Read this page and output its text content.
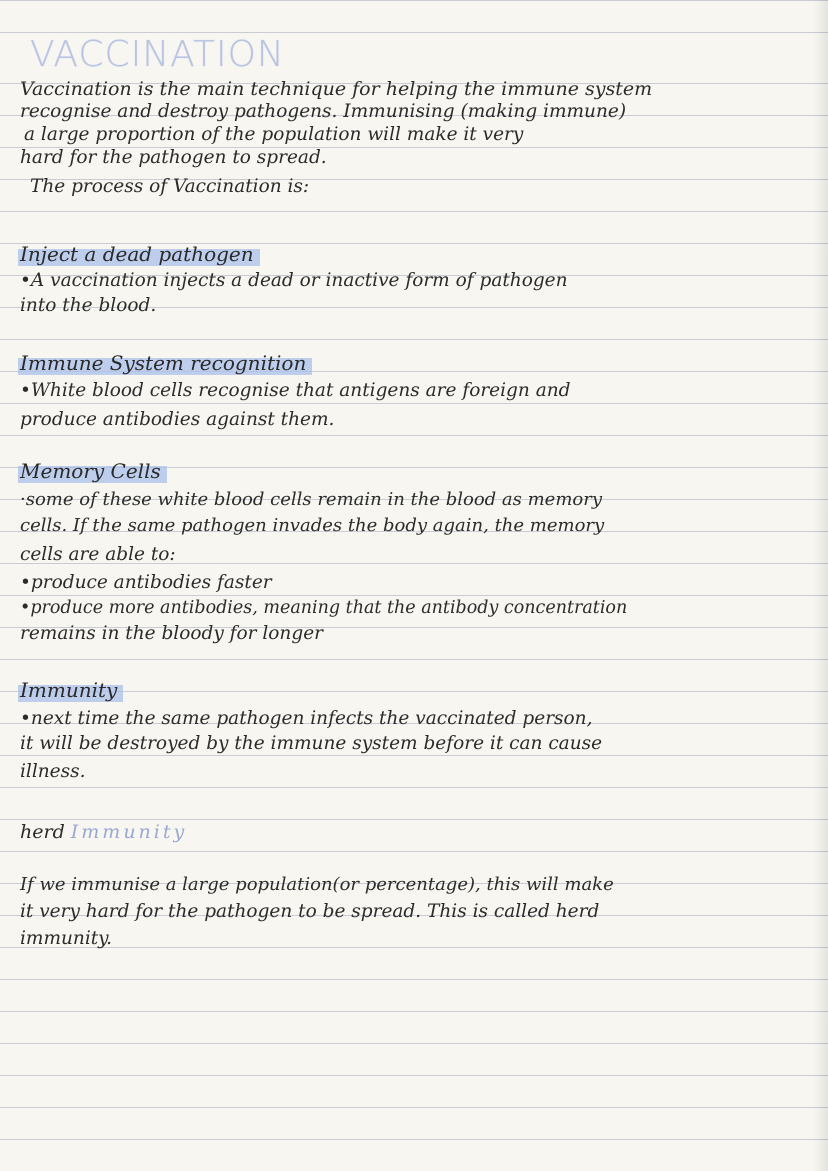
VACCINATION
Vaccination is the main technique for helping the immune system
recognise and destroy pathogens. Immunising (making immune)
a large proportion of the population will make it very
hard for the pathogen to spread.
The process of Vaccination is:
Inject a dead pathogen
•A vaccination injects a dead or inactive form of pathogen
into the blood.
Immune System recognition
•White blood cells recognise that antigens are foreign and
produce antibodies against them.
Memory Cells
·some of these white blood cells remain in the blood as memory
cells. If the same pathogen invades the body again, the memory
cells are able to:
•produce antibodies faster
•produce more antibodies, meaning that the antibody concentration
remains in the bloody for longer
Immunity
•next time the same pathogen infects the vaccinated person,
it will be destroyed by the immune system before it can cause
illness.
herd Immunity
If we immunise a large population(or percentage), this will make
it very hard for the pathogen to be spread. This is called herd
immunity.
